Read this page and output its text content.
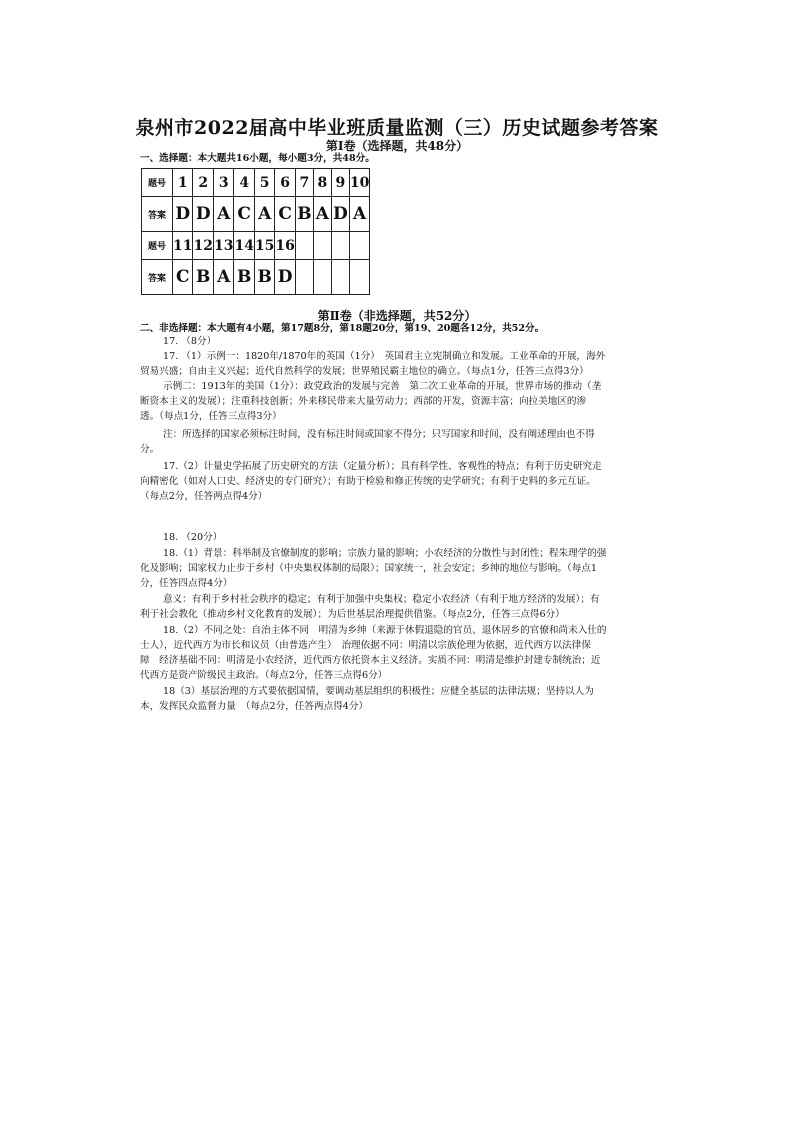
泉州市2022届高中毕业班质量监测（三）历史试题参考答案
第Ⅰ卷（选择题，共48分）
一、选择题：本大题共16小题，每小题3分，共48分。
题号	1	2	3	4	5	6	7	8	9	10
答案	D	D	A	C	A	C	B	A	D	A
题号	11	12	13	14	15	16				
答案	C	B	A	B	B	D				
第Ⅱ卷（非选择题，共52分）
二、非选择题：本大题有4小题，第17题8分，第18题20分，第19、20题各12分，共52分。
17. （8分）
17. （1）示例一：1820年/1870年的英国（1分）　英国君主立宪制确立和发展。工业革命的开展，海外
贸易兴盛；自由主义兴起；近代自然科学的发展；世界殖民霸主地位的确立。（每点1分，任答三点得3分）
示例二：1913年的美国（1分）：政党政治的发展与完善　第二次工业革命的开展，世界市场的推动（垄
断资本主义的发展）；注重科技创新；外来移民带来大量劳动力；西部的开发，资源丰富；向拉美地区的渗
透。（每点1分，任答三点得3分）
注：所选择的国家必须标注时间，没有标注时间或国家不得分；只写国家和时间，没有阐述理由也不得
分。
17.（2）计量史学拓展了历史研究的方法（定量分析）；具有科学性、客观性的特点；有利于历史研究走
向精密化（如对人口史、经济史的专门研究）；有助于检验和修正传统的史学研究；有利于史料的多元互证。
（每点2分，任答两点得4分）
18. （20分）
18.（1）背景：科举制及官僚制度的影响；宗族力量的影响；小农经济的分散性与封闭性；程朱理学的强
化及影响；国家权力止步于乡村（中央集权体制的局限）；国家统一，社会安定；乡绅的地位与影响。（每点1
分，任答四点得4分）
意义：有利于乡村社会秩序的稳定；有利于加强中央集权；稳定小农经济（有利于地方经济的发展）；有
利于社会教化（推动乡村文化教育的发展）；为后世基层治理提供借鉴。（每点2分，任答三点得6分）
18.（2）不同之处：自治主体不同　明清为乡绅（来源于休假退隐的官员、退休居乡的官僚和尚未入仕的
士人），近代西方为市长和议员（由普选产生）　治理依据不同：明清以宗族伦理为依据，近代西方以法律保
障　经济基础不同：明清是小农经济，近代西方依托资本主义经济。实质不同：明清是维护封建专制统治；近
代西方是资产阶级民主政治。（每点2分，任答三点得6分）
18（3）基层治理的方式要依据国情，要调动基层组织的积极性；应健全基层的法律法规；坚持以人为
本，发挥民众监督力量　（每点2分，任答两点得4分）
